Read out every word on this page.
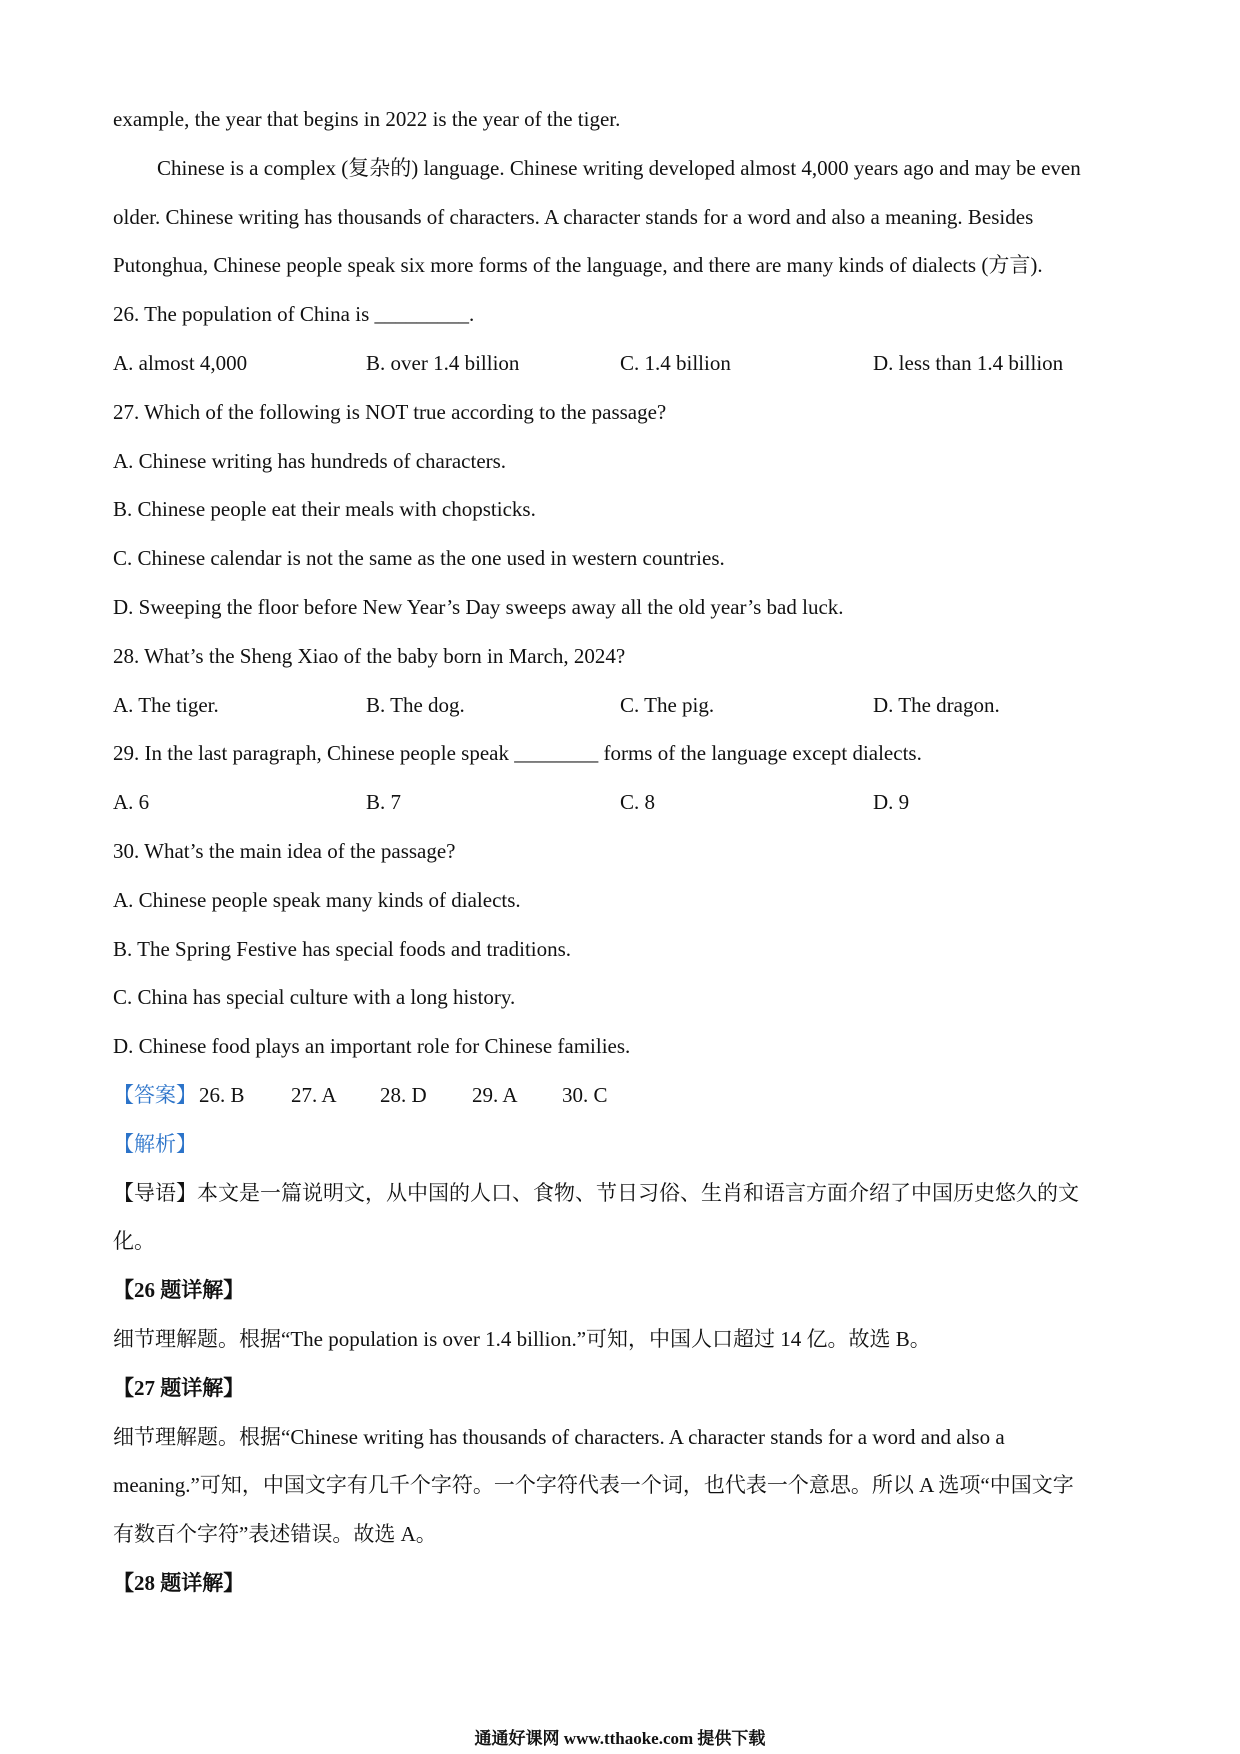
example, the year that begins in 2022 is the year of the tiger.
Chinese is a complex (复杂的) language. Chinese writing developed almost 4,000 years ago and may be even
older. Chinese writing has thousands of characters. A character stands for a word and also a meaning. Besides
Putonghua, Chinese people speak six more forms of the language, and there are many kinds of dialects (方言).
26. The population of China is _________.
A. almost 4,000	B. over 1.4 billion	C. 1.4 billion	D. less than 1.4 billion
27. Which of the following is NOT true according to the passage?
A. Chinese writing has hundreds of characters.
B. Chinese people eat their meals with chopsticks.
C. Chinese calendar is not the same as the one used in western countries.
D. Sweeping the floor before New Year’s Day sweeps away all the old year’s bad luck.
28. What’s the Sheng Xiao of the baby born in March, 2024?
A. The tiger.	B. The dog.	C. The pig.	D. The dragon.
29. In the last paragraph, Chinese people speak ________ forms of the language except dialects.
A. 6	B. 7	C. 8	D. 9
30. What’s the main idea of the passage?
A. Chinese people speak many kinds of dialects.
B. The Spring Festive has special foods and traditions.
C. China has special culture with a long history.
D. Chinese food plays an important role for Chinese families.
【答案】 26. B 27. A 28. D 29. A 30. C
【解析】
【导语】本文是一篇说明文，从中国的人口、食物、节日习俗、生肖和语言方面介绍了中国历史悠久的文
化。
【26 题详解】
细节理解题。根据“The population is over 1.4 billion.”可知，中国人口超过 14 亿。故选 B。
【27 题详解】
细节理解题。根据“Chinese writing has thousands of characters. A character stands for a word and also a
meaning.”可知，中国文字有几千个字符。一个字符代表一个词，也代表一个意思。所以 A 选项“中国文字
有数百个字符”表述错误。故选 A。
【28 题详解】
通通好课网 www.tthaoke.com 提供下载
